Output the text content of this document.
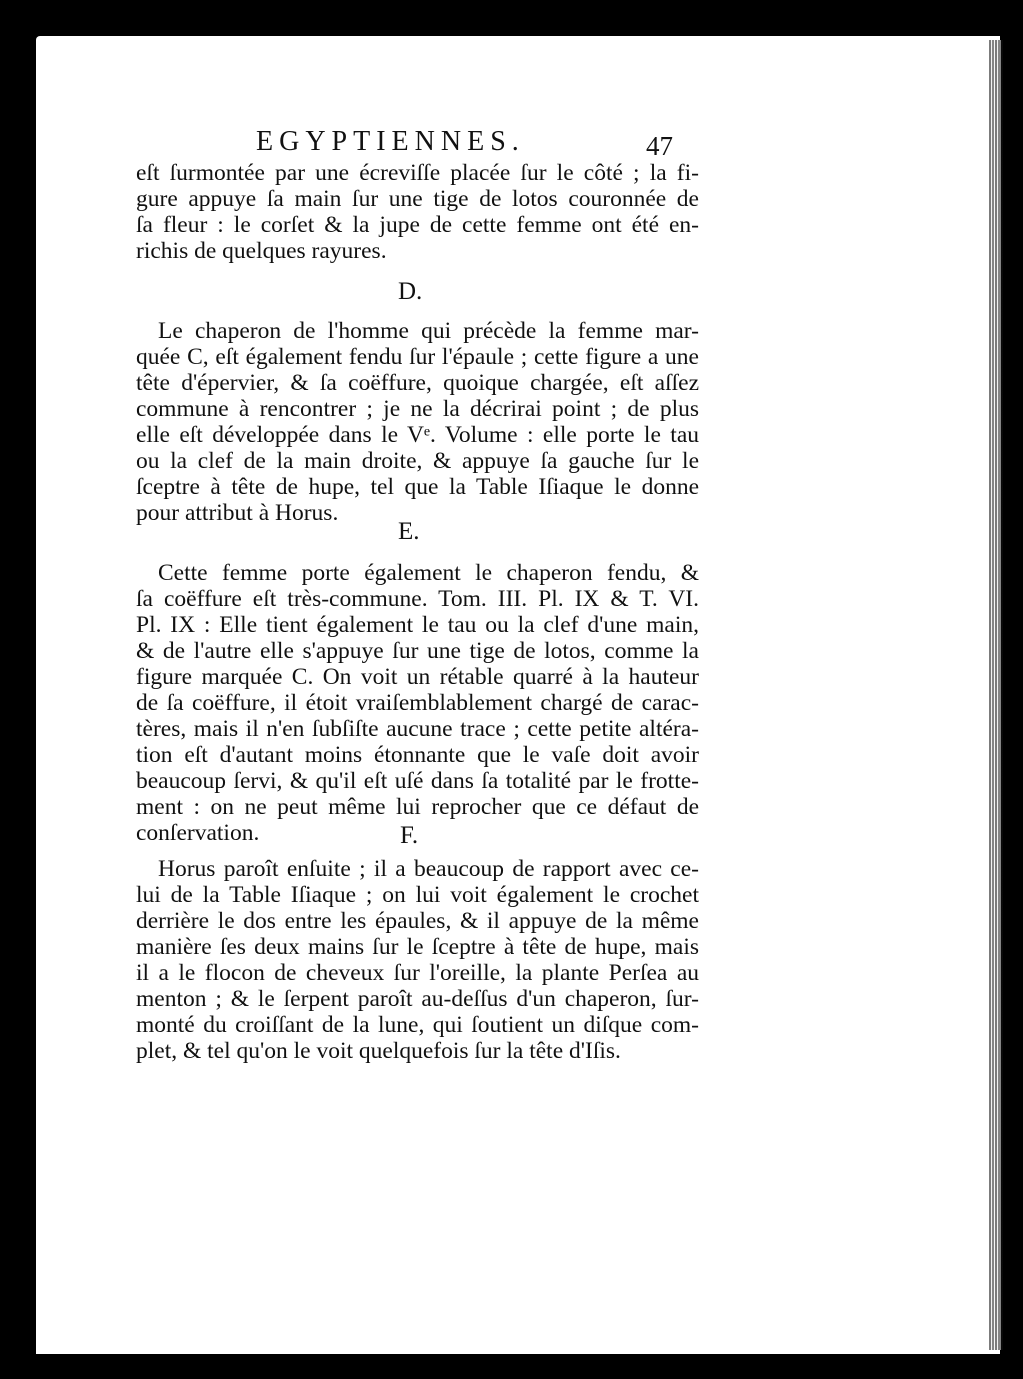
EGYPTIENNES.	47
eſt ſurmontée par une écreviſſe placée ſur le côté ; la fi-
gure appuye ſa main ſur une tige de lotos couronnée de
ſa fleur : le corſet & la jupe de cette femme ont été en-
richis de quelques rayures.
D.
Le chaperon de l'homme qui précède la femme mar-
quée C, eſt également fendu ſur l'épaule ; cette figure a une
tête d'épervier, & ſa coëffure, quoique chargée, eſt aſſez
commune à rencontrer ; je ne la décrirai point ; de plus
elle eſt développée dans le Vᵉ. Volume : elle porte le tau
ou la clef de la main droite, & appuye ſa gauche ſur le
ſceptre à tête de hupe, tel que la Table Iſiaque le donne
pour attribut à Horus.
E.
Cette femme porte également le chaperon fendu, &
ſa coëffure eſt très-commune. Tom. III. Pl. IX & T. VI.
Pl. IX : Elle tient également le tau ou la clef d'une main,
& de l'autre elle s'appuye ſur une tige de lotos, comme la
figure marquée C. On voit un rétable quarré à la hauteur
de ſa coëffure, il étoit vraiſemblablement chargé de carac-
tères, mais il n'en ſubſiſte aucune trace ; cette petite altéra-
tion eſt d'autant moins étonnante que le vaſe doit avoir
beaucoup ſervi, & qu'il eſt uſé dans ſa totalité par le frotte-
ment : on ne peut même lui reprocher que ce défaut de
conſervation.	F.
Horus paroît enſuite ; il a beaucoup de rapport avec ce-
lui de la Table Iſiaque ; on lui voit également le crochet
derrière le dos entre les épaules, & il appuye de la même
manière ſes deux mains ſur le ſceptre à tête de hupe, mais
il a le flocon de cheveux ſur l'oreille, la plante Perſea au
menton ; & le ſerpent paroît au-deſſus d'un chaperon, ſur-
monté du croiſſant de la lune, qui ſoutient un diſque com-
plet, & tel qu'on le voit quelquefois ſur la tête d'Iſis.
